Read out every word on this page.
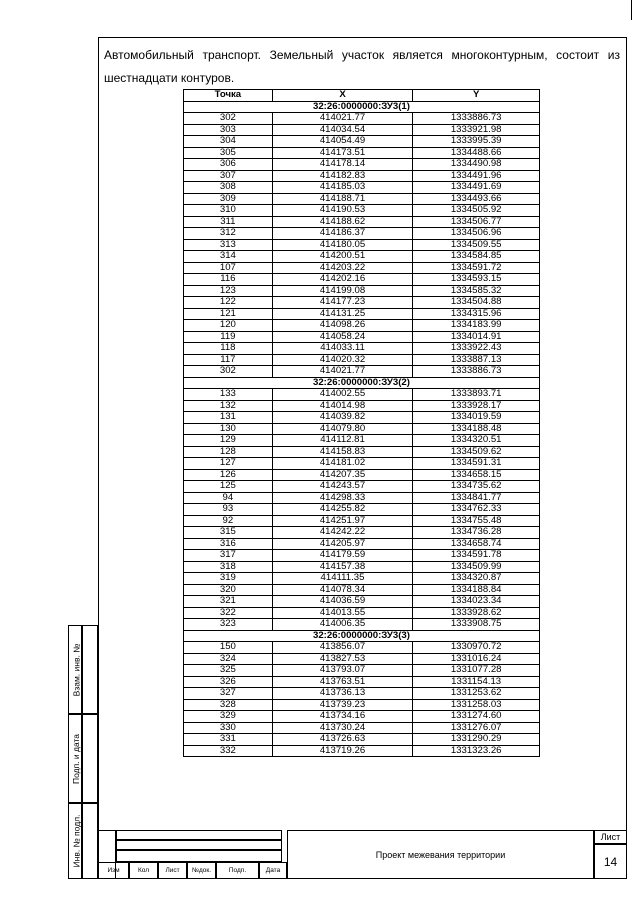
Автомобильный транспорт. Земельный участок является многоконтурным, состоит из шестнадцати контуров.
Точка	X	Y
32:26:0000000:ЗУ3(1)		
302	414021.77	1333886.73
303	414034.54	1333921.98
304	414054.49	1333995.39
305	414173.51	1334488.66
306	414178.14	1334490.98
307	414182.83	1334491.96
308	414185.03	1334491.69
309	414188.71	1334493.66
310	414190.53	1334505.92
311	414188.62	1334506.77
312	414186.37	1334506.96
313	414180.05	1334509.55
314	414200.51	1334584.85
107	414203.22	1334591.72
116	414202.16	1334593.15
123	414199.08	1334585.32
122	414177.23	1334504.88
121	414131.25	1334315.96
120	414098.26	1334183.99
119	414058.24	1334014.91
118	414033.11	1333922.43
117	414020.32	1333887.13
302	414021.77	1333886.73
32:26:0000000:ЗУ3(2)		
133	414002.55	1333893.71
132	414014.98	1333928.17
131	414039.82	1334019.59
130	414079.80	1334188.48
129	414112.81	1334320.51
128	414158.83	1334509.62
127	414181.02	1334591.31
126	414207.35	1334658.15
125	414243.57	1334735.62
94	414298.33	1334841.77
93	414255.82	1334762.33
92	414251.97	1334755.48
315	414242.22	1334736.28
316	414205.97	1334658.74
317	414179.59	1334591.78
318	414157.38	1334509.99
319	414111.35	1334320.87
320	414078.34	1334188.84
321	414036.59	1334023.34
322	414013.55	1333928.62
323	414006.35	1333908.75
32:26:0000000:ЗУ3(3)		
150	413856.07	1330970.72
324	413827.53	1331016.24
325	413793.07	1331077.28
326	413763.51	1331154.13
327	413736.13	1331253.62
328	413739.23	1331258.03
329	413734.16	1331274.60
330	413730.24	1331276.07
331	413726.63	1331290.29
332	413719.26	1331323.26
Взам. инв. №
Подп. и дата
Инв. № подл.
Изм	Кол	Лист	№док.	Подп.	Дата
Проект межевания территории
Лист
14
